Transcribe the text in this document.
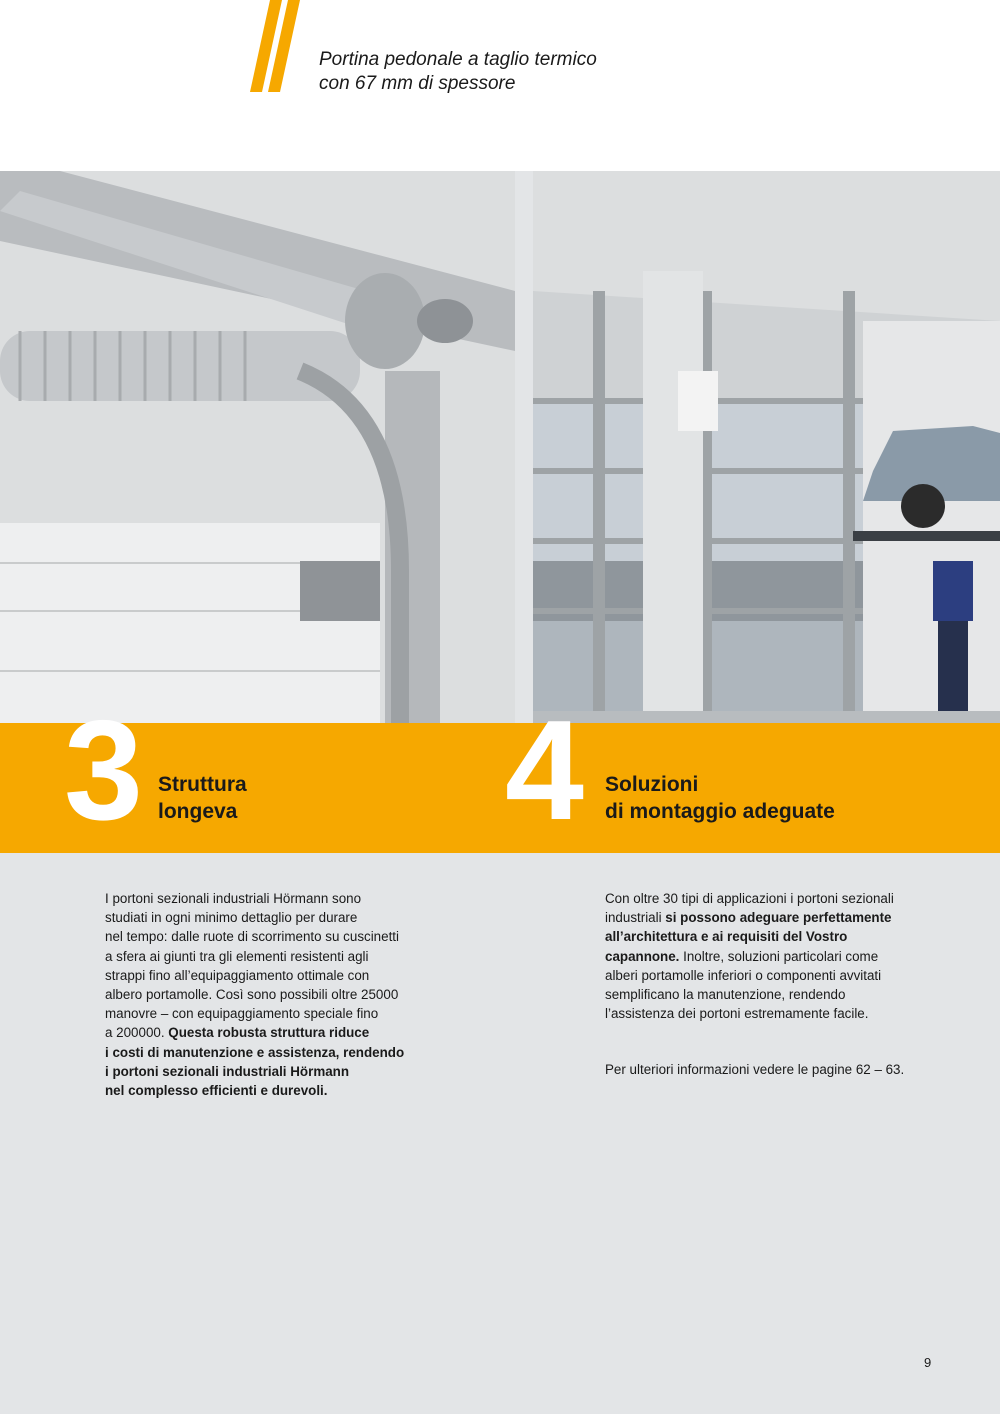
Portina pedonale a taglio termico
con 67 mm di spessore
3 Struttura
longeva 4 Soluzioni
di montaggio adeguate
I portoni sezionali industriali Hörmann sono
studiati in ogni minimo dettaglio per durare
nel tempo: dalle ruote di scorrimento su cuscinetti
a sfera ai giunti tra gli elementi resistenti agli
strappi fino all’equipaggiamento ottimale con
albero portamolle. Così sono possibili oltre 25000
manovre – con equipaggiamento speciale fino
a 200000. Questa robusta struttura riduce
i costi di manutenzione e assistenza, rendendo
i portoni sezionali industriali Hörmann
nel complesso efficienti e durevoli.
Con oltre 30 tipi di applicazioni i portoni sezionali
industriali si possono adeguare perfettamente
all’architettura e ai requisiti del Vostro
capannone. Inoltre, soluzioni particolari come
alberi portamolle inferiori o componenti avvitati
semplificano la manutenzione, rendendo
l’assistenza dei portoni estremamente facile.
Per ulteriori informazioni vedere le pagine 62 – 63.
9
